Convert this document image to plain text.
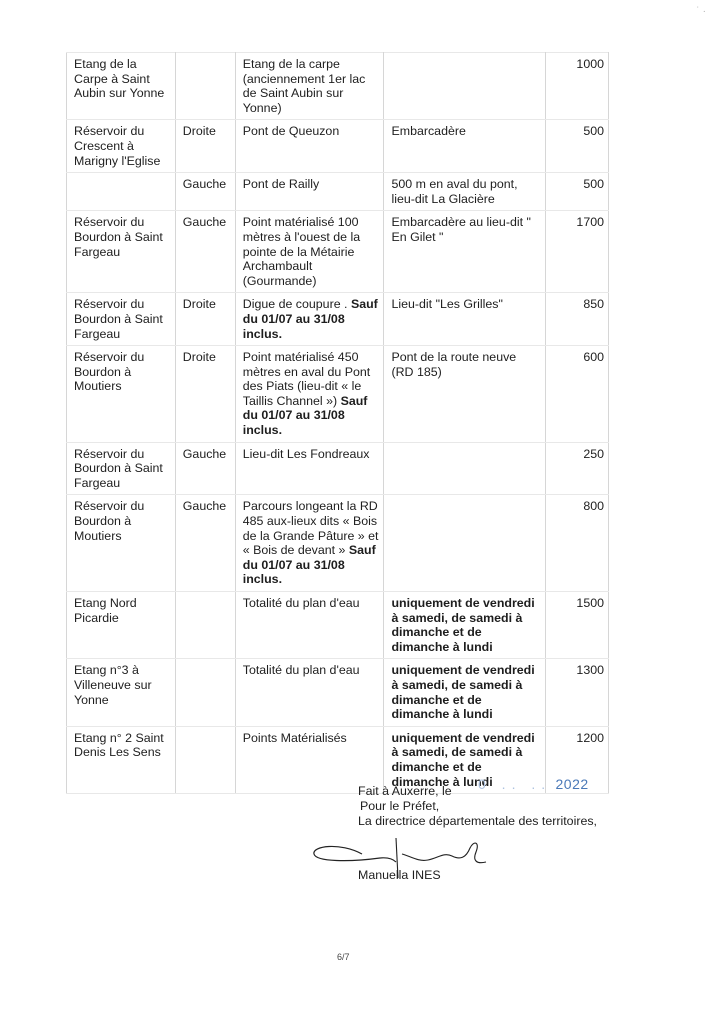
˙ ·
Etang de la Carpe à Saint Aubin sur Yonne		Etang de la carpe (anciennement 1er lac de Saint Aubin sur Yonne)		1000
Réservoir du Crescent à Marigny l'Eglise	Droite	Pont de Queuzon	Embarcadère	500
	Gauche	Pont de Railly	500 m en aval du pont, lieu-dit La Glacière	500
Réservoir du Bourdon à Saint Fargeau	Gauche	Point matérialisé 100 mètres à l'ouest de la pointe de la Métairie Archambault (Gourmande)	Embarcadère au lieu-dit " En Gilet "	1700
Réservoir du Bourdon à Saint Fargeau	Droite	Digue de coupure . Sauf du 01/07 au 31/08 inclus.	Lieu-dit "Les Grilles"	850
Réservoir du Bourdon à Moutiers	Droite	Point matérialisé 450 mètres en aval du Pont des Piats (lieu-dit « le Taillis Channel ») Sauf du 01/07 au 31/08 inclus.	Pont de la route neuve (RD 185)	600
Réservoir du Bourdon à Saint Fargeau	Gauche	Lieu-dit Les Fondreaux		250
Réservoir du Bourdon à Moutiers	Gauche	Parcours longeant la RD 485 aux-lieux dits « Bois de la Grande Pâture » et « Bois de devant » Sauf du 01/07 au 31/08 inclus.		800
Etang Nord Picardie		Totalité du plan d'eau	uniquement de vendredi à samedi, de samedi à dimanche et de dimanche à lundi	1500
Etang n°3 à Villeneuve sur Yonne		Totalité du plan d'eau	uniquement de vendredi à samedi, de samedi à dimanche et de dimanche à lundi	1300
Etang n° 2 Saint Denis Les Sens		Points Matérialisés	uniquement de vendredi à samedi, de samedi à dimanche et de dimanche à lundi	1200
0 .. .. 2022
Fait à Auxerre, le
Pour le Préfet,
La directrice départementale des territoires,
Manuella INES
6/7
